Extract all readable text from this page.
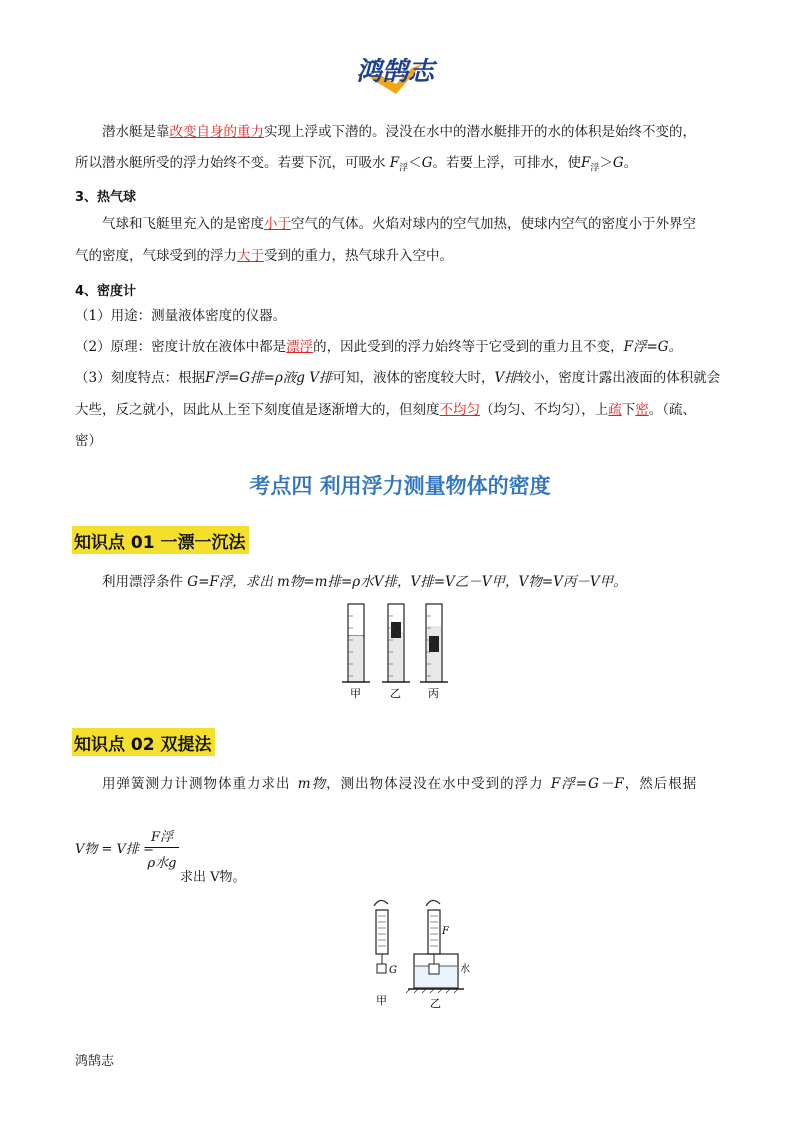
鸿鹄志
潜水艇是靠改变自身的重力实现上浮或下潜的。浸没在水中的潜水艇排开的水的体积是始终不变的，
所以潜水艇所受的浮力始终不变。若要下沉，可吸水 $F_浮<G$。若要上浮，可排水，使$F_浮>G$。
3、热气球
气球和飞艇里充入的是密度小于空气的气体。火焰对球内的空气加热，使球内空气的密度小于外界空
气的密度，气球受到的浮力大于受到的重力，热气球升入空中。
4、密度计
（1）用途：测量液体密度的仪器。
（2）原理：密度计放在液体中都是漂浮的，因此受到的浮力始终等于它受到的重力且不变，F浮=G。
（3）刻度特点：根据F浮=G排=ρ液g V排可知，液体的密度较大时，V排较小，密度计露出液面的体积就会
大些，反之就小，因此从上至下刻度值是逐渐增大的，但刻度不均匀（均匀、不均匀），上疏下密。（疏、
密）
考点四 利用浮力测量物体的密度
知识点 01 一漂一沉法
利用漂浮条件 G=F浮，求出 m物=m排=ρ水V排，V排=V乙－V甲，V物=V丙－V甲。
甲	乙 丙
知识点 02 双提法
用弹簧测力计测物体重力求出 m物，测出物体浸没在水中受到的浮力 F浮=G－F，然后根据
V物 = V排 =
F浮
ρ水g
求出 V物。
G
F
水
甲	乙
鸿鹄志
